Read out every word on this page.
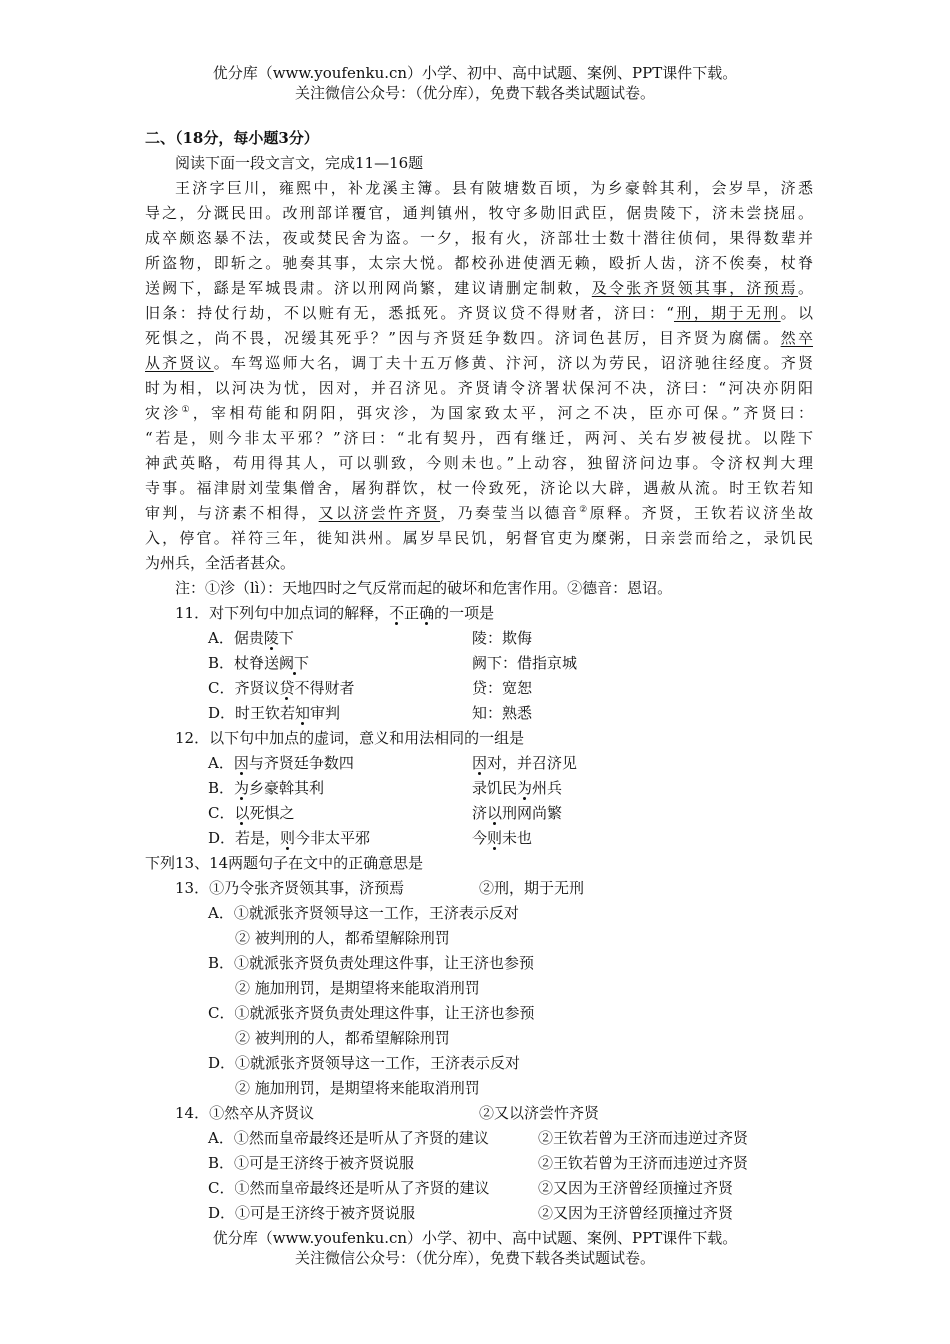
优分库（www.youfenku.cn）小学、初中、高中试题、案例、PPT课件下载。
关注微信公众号：（优分库），免费下载各类试题试卷。
二、（18分，每小题3分）
阅读下面一段文言文，完成11—16题
王济字巨川，雍熙中，补龙溪主簿。县有陂塘数百顷，为乡豪斡其利，会岁旱，济悉
导之，分溉民田。改刑部详覆官，通判镇州，牧守多勋旧武臣，倨贵陵下，济未尝挠屈。
成卒颇恣暴不法，夜或焚民舍为盗。一夕，报有火，济部壮士数十潜往侦伺，果得数辈并
所盗物，即斩之。驰奏其事，太宗大悦。都校孙进使酒无赖，殴折人齿，济不俟奏，杖脊
送阙下，繇是军城畏肃。济以刑网尚繁，建议请删定制敕，及令张齐贤领其事，济预焉。
旧条：持仗行劫，不以赃有无，悉抵死。齐贤议贷不得财者，济曰：“刑，期于无刑。以
死惧之，尚不畏，况缓其死乎？”因与齐贤廷争数四。济词色甚厉，目齐贤为腐儒。然卒
从齐贤议。车驾巡师大名，调丁夫十五万修黄、汴河，济以为劳民，诏济驰往经度。齐贤
时为相，以河决为忧，因对，并召济见。齐贤请令济署状保河不决，济曰：“河决亦阴阳
灾沴①，宰相苟能和阴阳，弭灾沴，为国家致太平，河之不决，臣亦可保。”齐贤曰：
“若是，则今非太平邪？”济曰：“北有契丹，西有继迁，两河、关右岁被侵扰。以陛下
神武英略，苟用得其人，可以驯致，今则未也。”上动容，独留济问边事。令济权判大理
寺事。福津尉刘莹集僧舍，屠狗群饮，杖一伶致死，济论以大辟，遇赦从流。时王钦若知
审判，与济素不相得，又以济尝忤齐贤，乃奏莹当以德音②原释。齐贤，王钦若议济坐故
入，停官。祥符三年，徙知洪州。属岁旱民饥，躬督官吏为糜粥，日亲尝而给之，录饥民
为州兵，全活者甚众。
注：①沴（lì）：天地四时之气反常而起的破坏和危害作用。②德音：恩诏。
11．对下列句中加点词的解释，不正确的一项是
A．倨贵陵下	陵：欺侮
B．杖脊送阙下	阙下：借指京城
C．齐贤议贷不得财者	贷：宽恕
D．时王钦若知审判	知：熟悉
12．以下句中加点的虚词，意义和用法相同的一组是
A．因与齐贤廷争数四	因对，并召济见
B．为乡豪斡其利	录饥民为州兵
C．以死惧之	济以刑网尚繁
D．若是，则今非太平邪	今则未也
下列13、14两题句子在文中的正确意思是
13．①乃令张齐贤领其事，济预焉	②刑，期于无刑
A．①就派张齐贤领导这一工作，王济表示反对
② 被判刑的人，都希望解除刑罚
B．①就派张齐贤负责处理这件事，让王济也参预
② 施加刑罚，是期望将来能取消刑罚
C．①就派张齐贤负责处理这件事，让王济也参预
② 被判刑的人，都希望解除刑罚
D．①就派张齐贤领导这一工作，王济表示反对
② 施加刑罚，是期望将来能取消刑罚
14．①然卒从齐贤议	②又以济尝忤齐贤
A．①然而皇帝最终还是听从了齐贤的建议	②王钦若曾为王济而违逆过齐贤
B．①可是王济终于被齐贤说服	②王钦若曾为王济而违逆过齐贤
C．①然而皇帝最终还是听从了齐贤的建议	②又因为王济曾经顶撞过齐贤
D．①可是王济终于被齐贤说服	②又因为王济曾经顶撞过齐贤
优分库（www.youfenku.cn）小学、初中、高中试题、案例、PPT课件下载。
关注微信公众号：（优分库），免费下载各类试题试卷。
